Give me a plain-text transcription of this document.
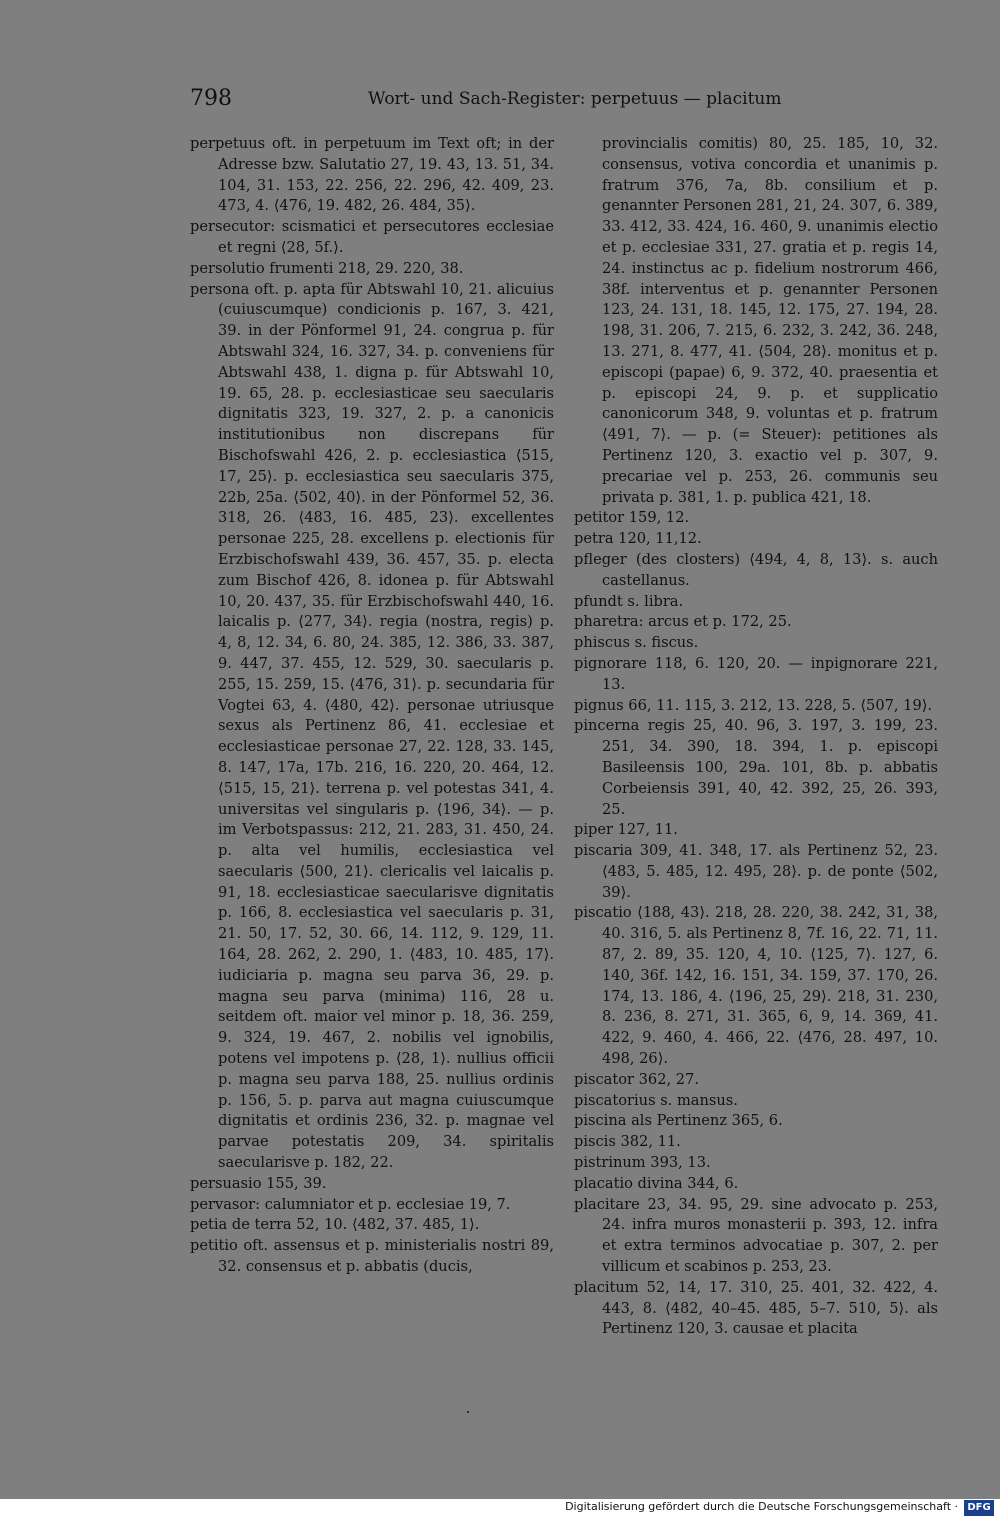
798	Wort- und Sach-Register: perpetuus — placitum

perpetuus oft. in perpetuum im Text oft; in der Adresse bzw. Salutatio 27, 19. 43, 13. 51, 34. 104, 31. 153, 22. 256, 22. 296, 42. 409, 23. 473, 4. ⟨476, 19. 482, 26. 484, 35⟩.

persecutor: scismatici et persecutores ecclesiae et regni ⟨28, 5f.⟩.

persolutio frumenti 218, 29. 220, 38.

persona oft. p. apta für Abtswahl 10, 21. alicuius (cuiuscumque) condicionis p. 167, 3. 421, 39. in der Pönformel 91, 24. congrua p. für Abtswahl 324, 16. 327, 34. p. conveniens für Abtswahl 438, 1. digna p. für Abtswahl 10, 19. 65, 28. p. ecclesiasticae seu saecularis dignitatis 323, 19. 327, 2. p. a canonicis institutionibus non discrepans für Bischofswahl 426, 2. p. ecclesiastica ⟨515, 17, 25⟩. p. ecclesiastica seu saecularis 375, 22b, 25a. ⟨502, 40⟩. in der Pönformel 52, 36. 318, 26. ⟨483, 16. 485, 23⟩. excellentes personae 225, 28. excellens p. electionis für Erzbischofswahl 439, 36. 457, 35. p. electa zum Bischof 426, 8. idonea p. für Abtswahl 10, 20. 437, 35. für Erzbischofswahl 440, 16. laicalis p. ⟨277, 34⟩. regia (nostra, regis) p. 4, 8, 12. 34, 6. 80, 24. 385, 12. 386, 33. 387, 9. 447, 37. 455, 12. 529, 30. saecularis p. 255, 15. 259, 15. ⟨476, 31⟩. p. secundaria für Vogtei 63, 4. ⟨480, 42⟩. personae utriusque sexus als Pertinenz 86, 41. ecclesiae et ecclesiasticae personae 27, 22. 128, 33. 145, 8. 147, 17a, 17b. 216, 16. 220, 20. 464, 12. ⟨515, 15, 21⟩. terrena p. vel potestas 341, 4. universitas vel singularis p. ⟨196, 34⟩. — p. im Verbotspassus: 212, 21. 283, 31. 450, 24. p. alta vel humilis, ecclesiastica vel saecularis ⟨500, 21⟩. clericalis vel laicalis p. 91, 18. ecclesiasticae saecularisve dignitatis p. 166, 8. ecclesiastica vel saecularis p. 31, 21. 50, 17. 52, 30. 66, 14. 112, 9. 129, 11. 164, 28. 262, 2. 290, 1. ⟨483, 10. 485, 17⟩. iudiciaria p. magna seu parva 36, 29. p. magna seu parva (minima) 116, 28 u. seitdem oft. maior vel minor p. 18, 36. 259, 9. 324, 19. 467, 2. nobilis vel ignobilis, potens vel impotens p. ⟨28, 1⟩. nullius officii p. magna seu parva 188, 25. nullius ordinis p. 156, 5. p. parva aut magna cuiuscumque dignitatis et ordinis 236, 32. p. magnae vel parvae potestatis 209, 34. spiritalis saecularisve p. 182, 22.

persuasio 155, 39.

pervasor: calumniator et p. ecclesiae 19, 7.

petia de terra 52, 10. ⟨482, 37. 485, 1⟩.

petitio oft. assensus et p. ministerialis nostri 89, 32. consensus et p. abbatis (ducis,

provincialis comitis) 80, 25. 185, 10, 32. consensus, votiva concordia et unanimis p. fratrum 376, 7a, 8b. consilium et p. genannter Personen 281, 21, 24. 307, 6. 389, 33. 412, 33. 424, 16. 460, 9. unanimis electio et p. ecclesiae 331, 27. gratia et p. regis 14, 24. instinctus ac p. fidelium nostrorum 466, 38f. interventus et p. genannter Personen 123, 24. 131, 18. 145, 12. 175, 27. 194, 28. 198, 31. 206, 7. 215, 6. 232, 3. 242, 36. 248, 13. 271, 8. 477, 41. ⟨504, 28⟩. monitus et p. episcopi (papae) 6, 9. 372, 40. praesentia et p. episcopi 24, 9. p. et supplicatio canonicorum 348, 9. voluntas et p. fratrum ⟨491, 7⟩. — p. (= Steuer): petitiones als Pertinenz 120, 3. exactio vel p. 307, 9. precariae vel p. 253, 26. communis seu privata p. 381, 1. p. publica 421, 18.

petitor 159, 12.

petra 120, 11,12.

pfleger (des closters) ⟨494, 4, 8, 13⟩. s. auch castellanus.

pfundt s. libra.

pharetra: arcus et p. 172, 25.

phiscus s. fiscus.

pignorare 118, 6. 120, 20. — inpignorare 221, 13.

pignus 66, 11. 115, 3. 212, 13. 228, 5. ⟨507, 19⟩.

pincerna regis 25, 40. 96, 3. 197, 3. 199, 23. 251, 34. 390, 18. 394, 1. p. episcopi Basileensis 100, 29a. 101, 8b. p. abbatis Corbeiensis 391, 40, 42. 392, 25, 26. 393, 25.

piper 127, 11.

piscaria 309, 41. 348, 17. als Pertinenz 52, 23. ⟨483, 5. 485, 12. 495, 28⟩. p. de ponte ⟨502, 39⟩.

piscatio ⟨188, 43⟩. 218, 28. 220, 38. 242, 31, 38, 40. 316, 5. als Pertinenz 8, 7f. 16, 22. 71, 11. 87, 2. 89, 35. 120, 4, 10. ⟨125, 7⟩. 127, 6. 140, 36f. 142, 16. 151, 34. 159, 37. 170, 26. 174, 13. 186, 4. ⟨196, 25, 29⟩. 218, 31. 230, 8. 236, 8. 271, 31. 365, 6, 9, 14. 369, 41. 422, 9. 460, 4. 466, 22. ⟨476, 28. 497, 10. 498, 26⟩.

piscator 362, 27.

piscatorius s. mansus.

piscina als Pertinenz 365, 6.

piscis 382, 11.

pistrinum 393, 13.

placatio divina 344, 6.

placitare 23, 34. 95, 29. sine advocato p. 253, 24. infra muros monasterii p. 393, 12. infra et extra terminos advocatiae p. 307, 2. per villicum et scabinos p. 253, 23.

placitum 52, 14, 17. 310, 25. 401, 32. 422, 4. 443, 8. ⟨482, 40–45. 485, 5–7. 510, 5⟩. als Pertinenz 120, 3. causae et placita

Digitalisierung gefördert durch die Deutsche Forschungsgemeinschaft · DFG
